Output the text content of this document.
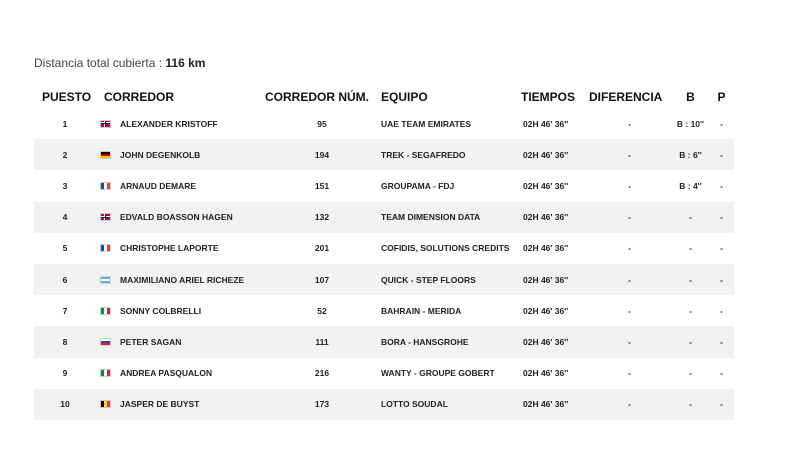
Distancia total cubierta : 116 km
PUESTO	CORREDOR	CORREDOR NÚM.	EQUIPO	TIEMPOS	DIFERENCIA	B	P
1	ALEXANDER KRISTOFF	95	UAE TEAM EMIRATES	02H 46' 36''	-	B : 10''	-
2	JOHN DEGENKOLB	194	TREK - SEGAFREDO	02H 46' 36''	-	B : 6''	-
3	ARNAUD DEMARE	151	GROUPAMA - FDJ	02H 46' 36''	-	B : 4''	-
4	EDVALD BOASSON HAGEN	132	TEAM DIMENSION DATA	02H 46' 36''	-	-	-
5	CHRISTOPHE LAPORTE	201	COFIDIS, SOLUTIONS CREDITS	02H 46' 36''	-	-	-
6	MAXIMILIANO ARIEL RICHEZE	107	QUICK - STEP FLOORS	02H 46' 36''	-	-	-
7	SONNY COLBRELLI	52	BAHRAIN - MERIDA	02H 46' 36''	-	-	-
8	PETER SAGAN	111	BORA - HANSGROHE	02H 46' 36''	-	-	-
9	ANDREA PASQUALON	216	WANTY - GROUPE GOBERT	02H 46' 36''	-	-	-
10	JASPER DE BUYST	173	LOTTO SOUDAL	02H 46' 36''	-	-	-
